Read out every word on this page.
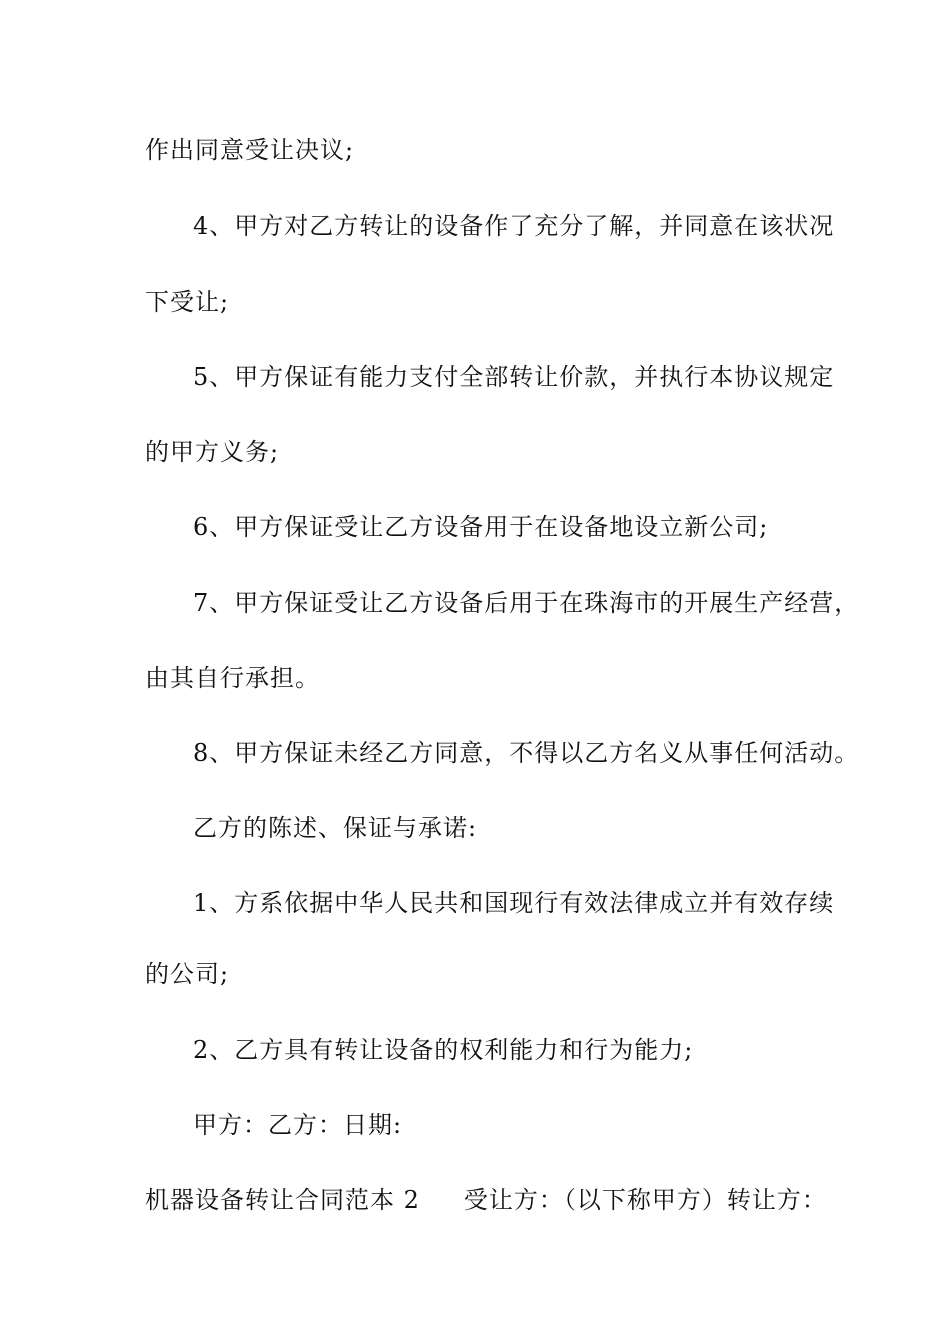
作出同意受让决议;
4、甲方对乙方转让的设备作了充分了解，并同意在该状况
下受让;
5、甲方保证有能力支付全部转让价款，并执行本协议规定
的甲方义务;
6、甲方保证受让乙方设备用于在设备地设立新公司;
7、甲方保证受让乙方设备后用于在珠海市的开展生产经营，
由其自行承担。
8、甲方保证未经乙方同意，不得以乙方名义从事任何活动。
乙方的陈述、保证与承诺:
1、方系依据中华人民共和国现行有效法律成立并有效存续
的公司;
2、乙方具有转让设备的权利能力和行为能力;
甲方：乙方：日期:
机器设备转让合同范本 2 受让方：（以下称甲方）转让方：
